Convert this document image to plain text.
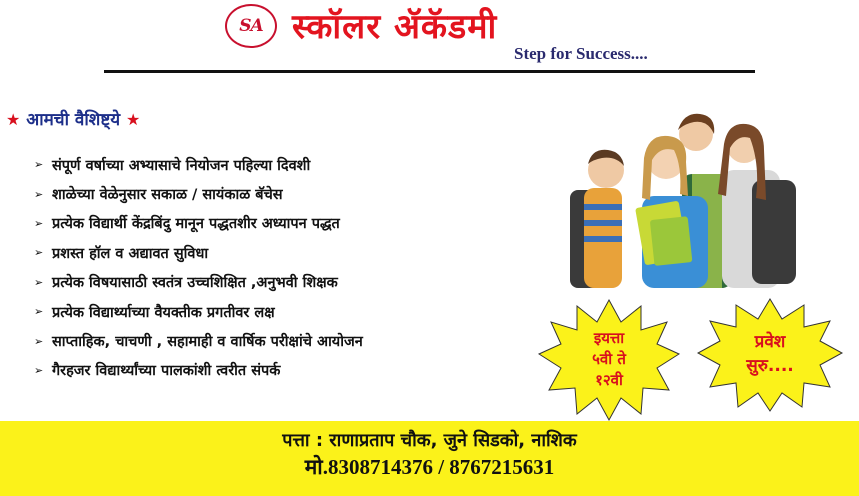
SA स्कॉलर ॲकॅडमी
Step for Success....
★ आमची वैशिष्ट्ये ★
➢ संपूर्ण वर्षाच्या अभ्यासाचे नियोजन पहिल्या दिवशी
➢ शाळेच्या वेळेनुसार सकाळ / सायंकाळ बॅचेस
➢ प्रत्येक विद्यार्थी केंद्रबिंदु मानून पद्धतशीर अध्यापन पद्धत
➢ प्रशस्त हॉल व अद्यावत सुविधा
➢ प्रत्येक विषयासाठी स्वतंत्र उच्चशिक्षित ,अनुभवी शिक्षक
➢ प्रत्येक विद्यार्थ्याच्या वैयक्तीक प्रगतीवर लक्ष
➢ साप्ताहिक, चाचणी , सहामाही व वार्षिक परीक्षांचे आयोजन
➢ गैरहजर विद्यार्थ्यांच्या पालकांशी त्वरीत संपर्क
इयत्ता
५वी ते
१२वी
प्रवेश
सुरु....
पत्ता : राणाप्रताप चौक, जुने सिडको, नाशिक
मो.8308714376 / 8767215631
